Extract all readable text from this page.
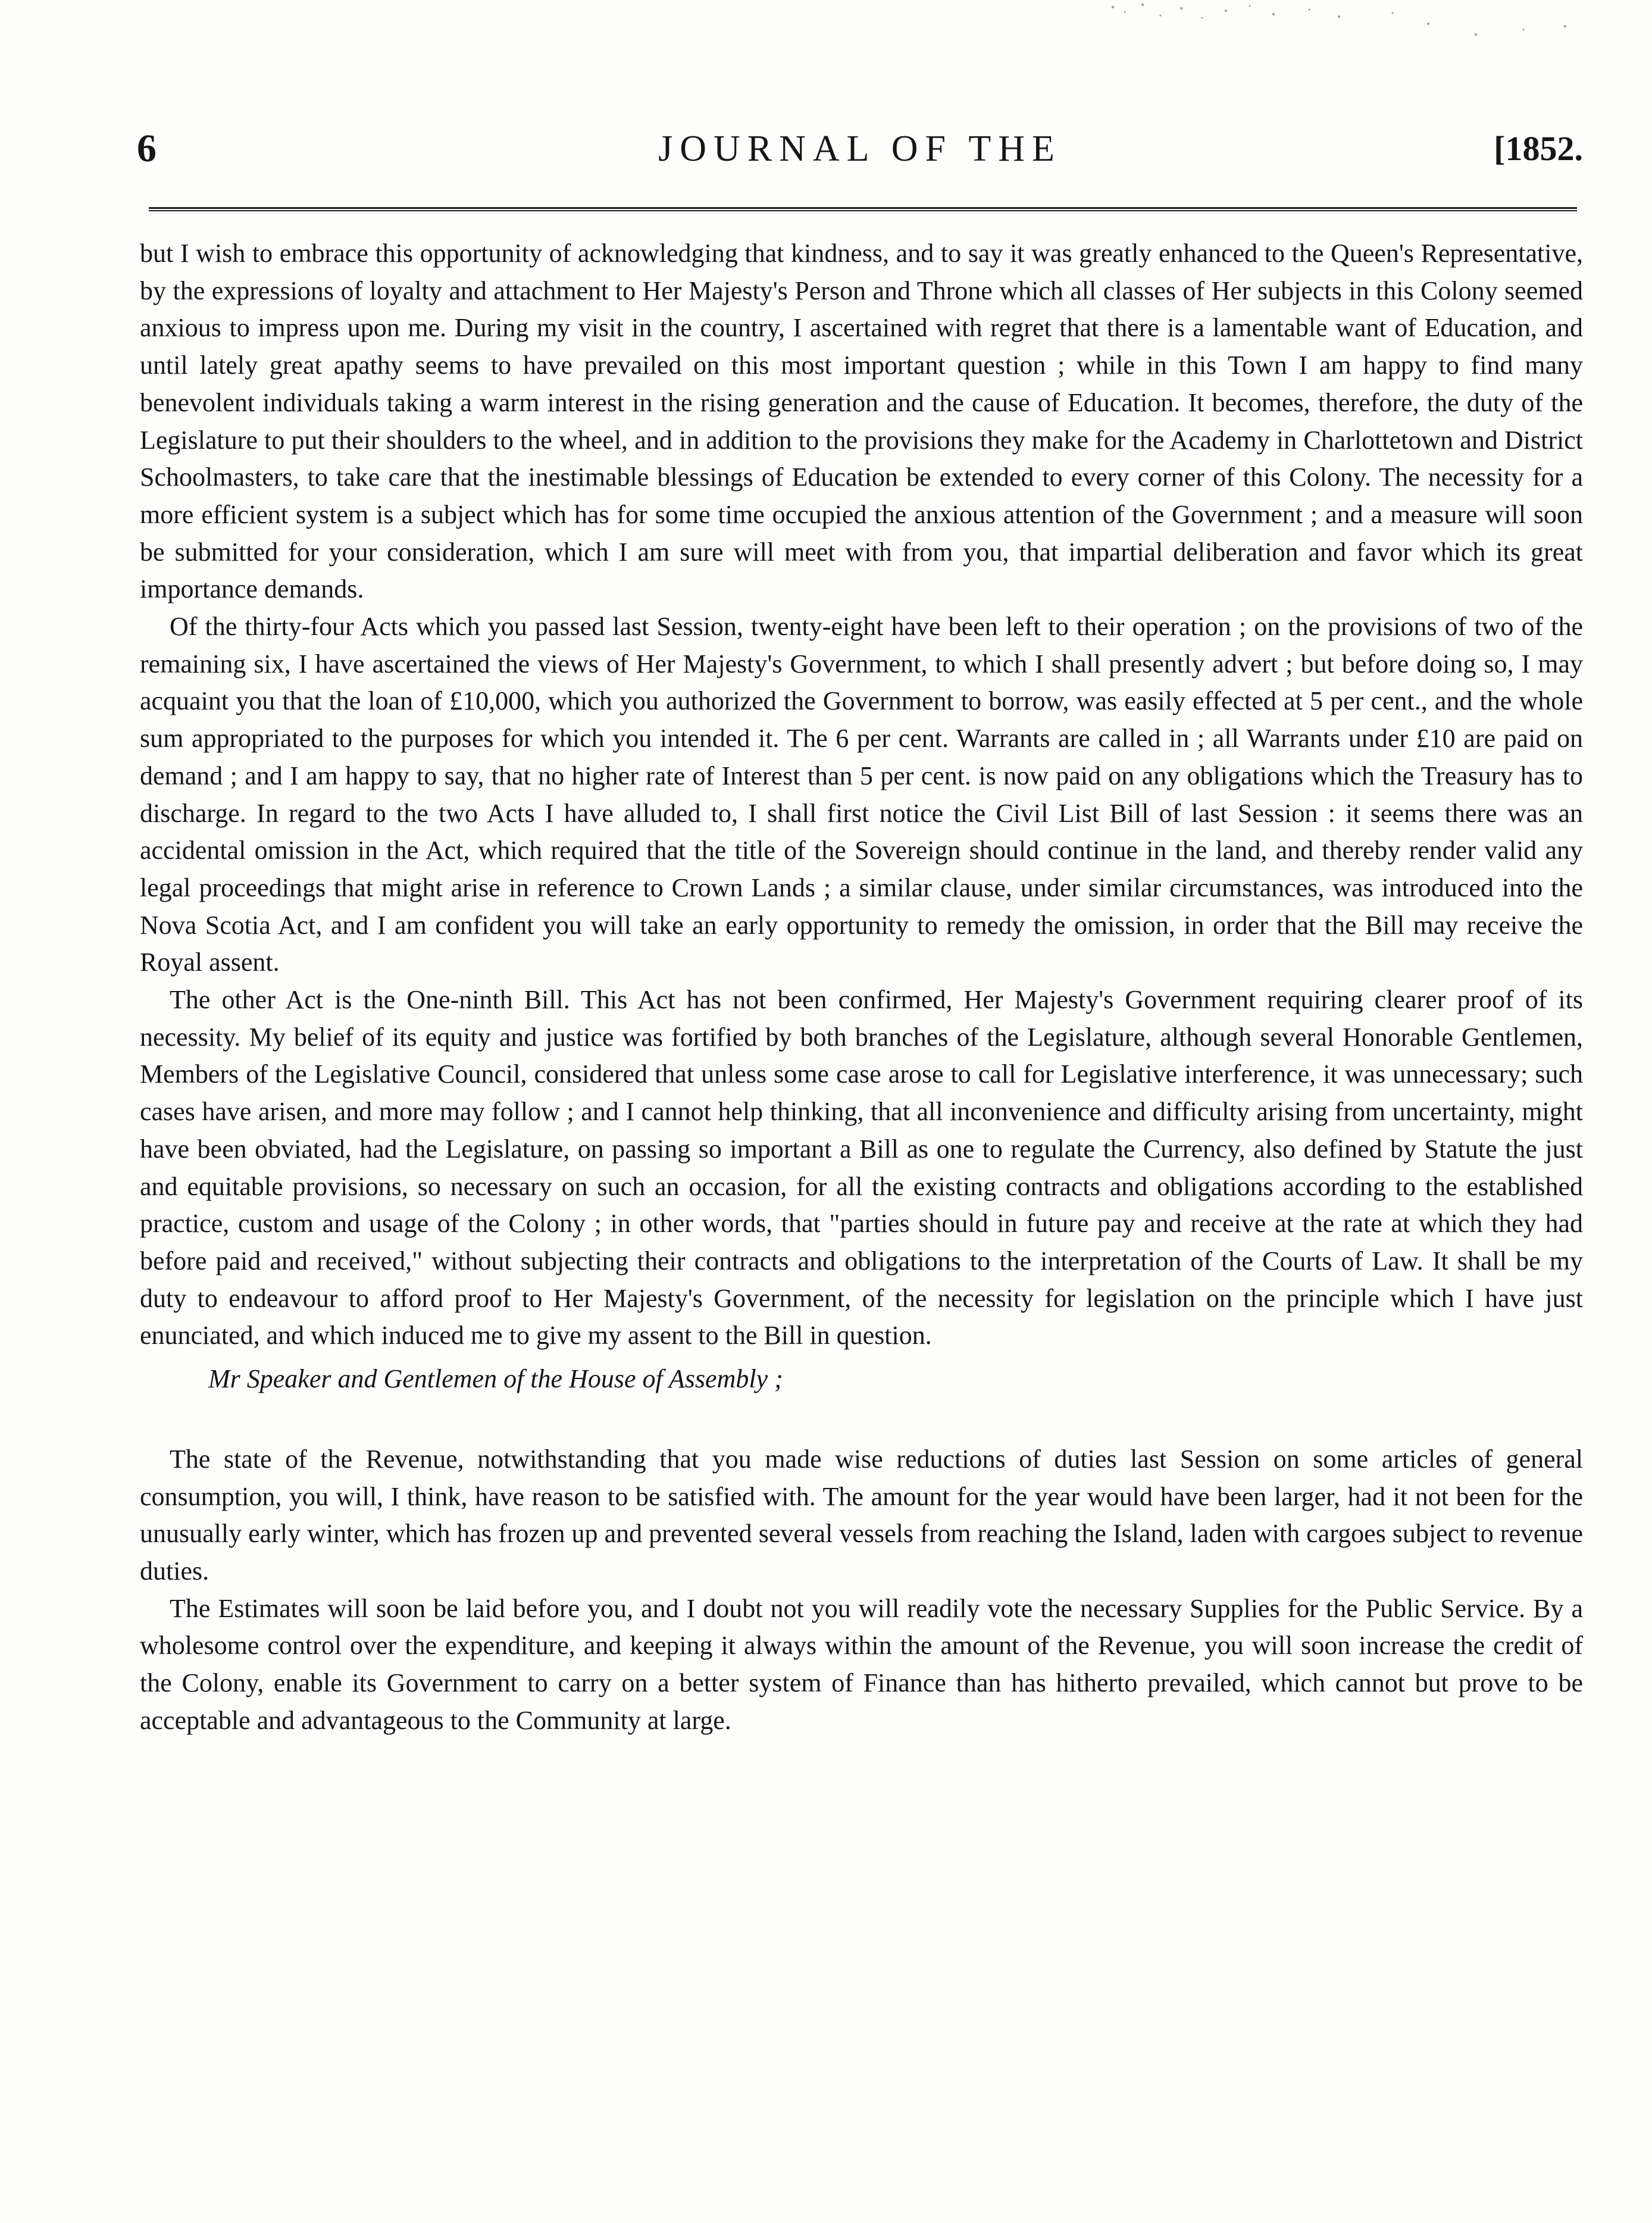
6	JOURNAL OF THE	[1852.

but I wish to embrace this opportunity of acknowledging that kindness, and to say it was greatly enhanced to the Queen's Representative, by the expressions of loyalty and attachment to Her Majesty's Person and Throne which all classes of Her subjects in this Colony seemed anxious to impress upon me. During my visit in the country, I ascertained with regret that there is a lamentable want of Education, and until lately great apathy seems to have prevailed on this most important question ; while in this Town I am happy to find many benevolent individuals taking a warm interest in the rising generation and the cause of Education. It becomes, therefore, the duty of the Legislature to put their shoulders to the wheel, and in addition to the provisions they make for the Academy in Charlottetown and District Schoolmasters, to take care that the inestimable blessings of Education be extended to every corner of this Colony. The necessity for a more efficient system is a subject which has for some time occupied the anxious attention of the Government ; and a measure will soon be submitted for your consideration, which I am sure will meet with from you, that impartial deliberation and favor which its great importance demands.

Of the thirty-four Acts which you passed last Session, twenty-eight have been left to their operation ; on the provisions of two of the remaining six, I have ascertained the views of Her Majesty's Government, to which I shall presently advert ; but before doing so, I may acquaint you that the loan of £10,000, which you authorized the Government to borrow, was easily effected at 5 per cent., and the whole sum appropriated to the purposes for which you intended it. The 6 per cent. Warrants are called in ; all Warrants under £10 are paid on demand ; and I am happy to say, that no higher rate of Interest than 5 per cent. is now paid on any obligations which the Treasury has to discharge. In regard to the two Acts I have alluded to, I shall first notice the Civil List Bill of last Session : it seems there was an accidental omission in the Act, which required that the title of the Sovereign should continue in the land, and thereby render valid any legal proceedings that might arise in reference to Crown Lands ; a similar clause, under similar circumstances, was introduced into the Nova Scotia Act, and I am confident you will take an early opportunity to remedy the omission, in order that the Bill may receive the Royal assent.

The other Act is the One-ninth Bill. This Act has not been confirmed, Her Majesty's Government requiring clearer proof of its necessity. My belief of its equity and justice was fortified by both branches of the Legislature, although several Honorable Gentlemen, Members of the Legislative Council, considered that unless some case arose to call for Legislative interference, it was unnecessary; such cases have arisen, and more may follow ; and I cannot help thinking, that all inconvenience and difficulty arising from uncertainty, might have been obviated, had the Legislature, on passing so important a Bill as one to regulate the Currency, also defined by Statute the just and equitable provisions, so necessary on such an occasion, for all the existing contracts and obligations according to the established practice, custom and usage of the Colony ; in other words, that "parties should in future pay and receive at the rate at which they had before paid and received," without subjecting their contracts and obligations to the interpretation of the Courts of Law. It shall be my duty to endeavour to afford proof to Her Majesty's Government, of the necessity for legislation on the principle which I have just enunciated, and which induced me to give my assent to the Bill in question.

Mr Speaker and Gentlemen of the House of Assembly ;

The state of the Revenue, notwithstanding that you made wise reductions of duties last Session on some articles of general consumption, you will, I think, have reason to be satisfied with. The amount for the year would have been larger, had it not been for the unusually early winter, which has frozen up and prevented several vessels from reaching the Island, laden with cargoes subject to revenue duties.

The Estimates will soon be laid before you, and I doubt not you will readily vote the necessary Supplies for the Public Service. By a wholesome control over the expenditure, and keeping it always within the amount of the Revenue, you will soon increase the credit of the Colony, enable its Government to carry on a better system of Finance than has hitherto prevailed, which cannot but prove to be acceptable and advantageous to the Community at large.
